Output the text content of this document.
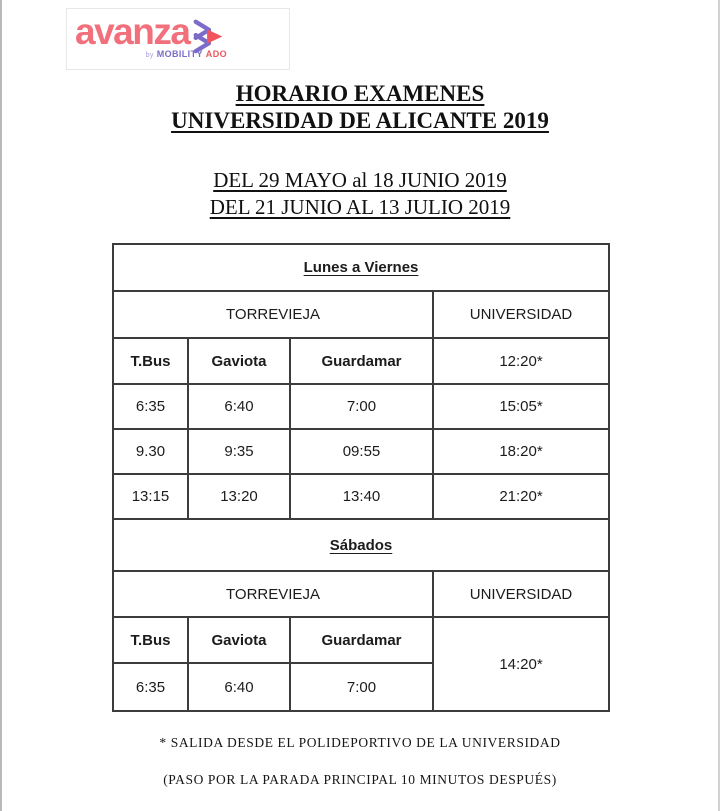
avanza
by MOBILITY ADO
HORARIO EXAMENES
UNIVERSIDAD DE ALICANTE 2019
DEL 29 MAYO al 18 JUNIO 2019
DEL 21 JUNIO AL 13 JULIO 2019
Lunes a Viernes			
TORREVIEJA			UNIVERSIDAD
T.Bus	Gaviota	Guardamar	12:20*
6:35	6:40	7:00	15:05*
9.30	9:35	09:55	18:20*
13:15	13:20	13:40	21:20*
Sábados			
TORREVIEJA			UNIVERSIDAD
T.Bus	Gaviota	Guardamar	14:20*
6:35	6:40	7:00	
* SALIDA DESDE EL POLIDEPORTIVO DE LA UNIVERSIDAD
(PASO POR LA PARADA PRINCIPAL 10 MINUTOS DESPUÉS)
